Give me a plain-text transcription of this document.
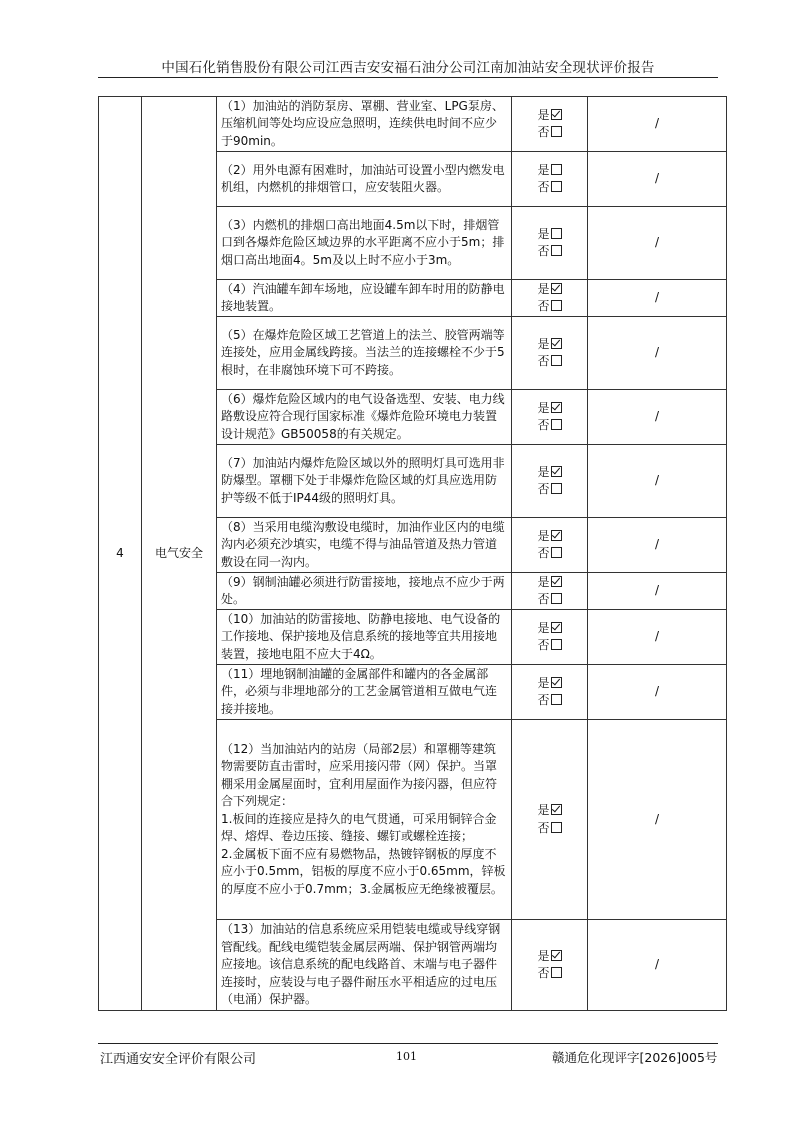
中国石化销售股份有限公司江西吉安安福石油分公司江南加油站安全现状评价报告
4	电气安全	（1）加油站的消防泵房、罩棚、营业室、LPG泵房、压缩机间等处均应设应急照明，连续供电时间不应少于90min。	是
否	/
		（2）用外电源有困难时，加油站可设置小型内燃发电机组，内燃机的排烟管口，应安装阻火器。	是
否	/
		（3）内燃机的排烟口高出地面4.5m以下时，排烟管口到各爆炸危险区域边界的水平距离不应小于5m；排烟口高出地面4。5m及以上时不应小于3m。	是
否	/
		（4）汽油罐车卸车场地，应设罐车卸车时用的防静电接地装置。	是
否	/
		（5）在爆炸危险区域工艺管道上的法兰、胶管两端等连接处，应用金属线跨接。当法兰的连接螺栓不少于5根时，在非腐蚀环境下可不跨接。	是
否	/
		（6）爆炸危险区域内的电气设备选型、安装、电力线路敷设应符合现行国家标准《爆炸危险环境电力装置设计规范》GB50058的有关规定。	是
否	/
		（7）加油站内爆炸危险区域以外的照明灯具可选用非防爆型。罩棚下处于非爆炸危险区域的灯具应选用防护等级不低于IP44级的照明灯具。	是
否	/
		（8）当采用电缆沟敷设电缆时，加油作业区内的电缆沟内必须充沙填实，电缆不得与油品管道及热力管道敷设在同一沟内。	是
否	/
		（9）钢制油罐必须进行防雷接地，接地点不应少于两处。	是
否	/
		（10）加油站的防雷接地、防静电接地、电气设备的工作接地、保护接地及信息系统的接地等宜共用接地装置，接地电阻不应大于4Ω。	是
否	/
		（11）埋地钢制油罐的金属部件和罐内的各金属部件，必须与非埋地部分的工艺金属管道相互做电气连接并接地。	是
否	/
		（12）当加油站内的站房（局部2层）和罩棚等建筑物需要防直击雷时，应采用接闪带（网）保护。当罩棚采用金属屋面时，宜利用屋面作为接闪器，但应符合下列规定：
1.板间的连接应是持久的电气贯通，可采用铜锌合金焊、熔焊、卷边压接、缝接、螺钉或螺栓连接；
2.金属板下面不应有易燃物品，热镀锌钢板的厚度不应小于0.5mm，铝板的厚度不应小于0.65mm，锌板的厚度不应小于0.7mm；3.金属板应无绝缘被覆层。	是
否	/
		（13）加油站的信息系统应采用铠装电缆或导线穿钢管配线。配线电缆铠装金属层两端、保护钢管两端均应接地。该信息系统的配电线路首、末端与电子器件连接时，应装设与电子器件耐压水平相适应的过电压（电涌）保护器。	是
否	/
江西通安安全评价有限公司	101	赣通危化现评字[2026]005号
